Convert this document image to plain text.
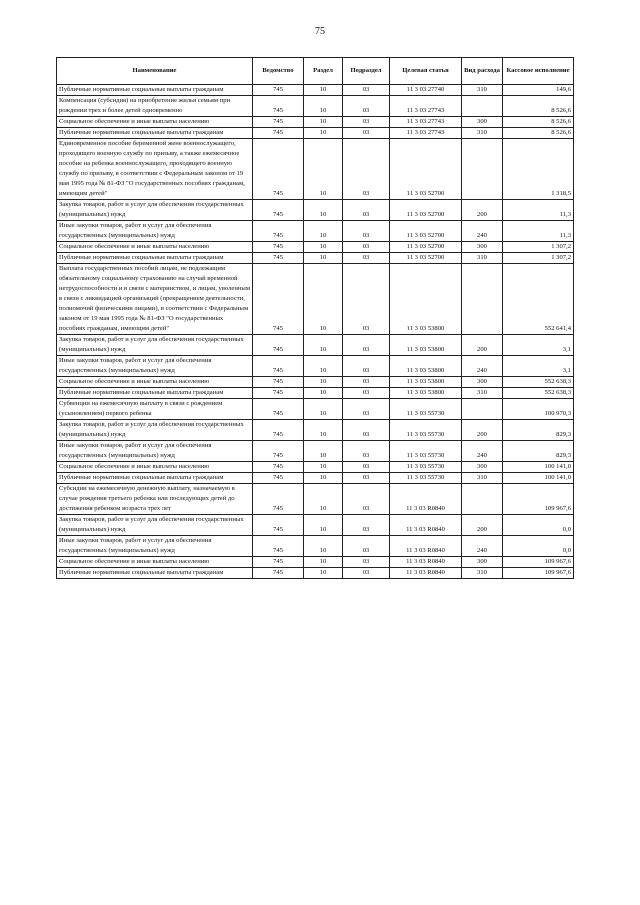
75
Наименование	Ведомство	Раздел	Подраздел	Целевая статья	Вид расхода	Кассовое исполнение
Публичные нормативные социальные выплаты гражданам	745	10	03	11 3 03 27740	310	149,6
Компенсация (субсидия) на приобретение жилья семьям при рождении трех и более детей одновременно	745	10	03	11 3 03 27743		8 526,6
Социальное обеспечение и иные выплаты населению	745	10	03	11 3 03 27743	300	8 526,6
Публичные нормативные социальные выплаты гражданам	745	10	03	11 3 03 27743	310	8 526,6
Единовременное пособие беременной жене военнослужащего, проходящего военную службу по призыву, а также ежемесячное пособие на ребенка военнослужащего, проходящего военную службу по призыву, в соответствии с Федеральным законом от 19 мая 1995 года № 81-ФЗ "О государственных пособиях гражданам, имеющим детей"	745	10	03	11 3 03 52700		1 318,5
Закупка товаров, работ и услуг для обеспечения государственных (муниципальных) нужд	745	10	03	11 3 03 52700	200	11,3
Иные закупки товаров, работ и услуг для обеспечения государственных (муниципальных) нужд	745	10	03	11 3 03 52700	240	11,3
Социальное обеспечение и иные выплаты населению	745	10	03	11 3 03 52700	300	1 307,2
Публичные нормативные социальные выплаты гражданам	745	10	03	11 3 03 52700	310	1 307,2
Выплата государственных пособий лицам, не подлежащим обязательному социальному страхованию на случай временной нетрудоспособности и в связи с материнством, и лицам, уволенным в связи с ликвидацией организаций (прекращением деятельности, полномочий физическими лицами), в соответствии с Федеральным законом от 19 мая 1995 года № 81-ФЗ "О государственных пособиях гражданам, имеющим детей"	745	10	03	11 3 03 53800		552 641,4
Закупка товаров, работ и услуг для обеспечения государственных (муниципальных) нужд	745	10	03	11 3 03 53800	200	3,1
Иные закупки товаров, работ и услуг для обеспечения государственных (муниципальных) нужд	745	10	03	11 3 03 53800	240	3,1
Социальное обеспечение и иные выплаты населению	745	10	03	11 3 03 53800	300	552 638,3
Публичные нормативные социальные выплаты гражданам	745	10	03	11 3 03 53800	310	552 638,3
Субвенции на ежемесячную выплату в связи с рождением (усыновлением) первого ребенка	745	10	03	11 3 03 55730		100 970,3
Закупка товаров, работ и услуг для обеспечения государственных (муниципальных) нужд	745	10	03	11 3 03 55730	200	829,3
Иные закупки товаров, работ и услуг для обеспечения государственных (муниципальных) нужд	745	10	03	11 3 03 55730	240	829,3
Социальное обеспечение и иные выплаты населению	745	10	03	11 3 03 55730	300	100 141,0
Публичные нормативные социальные выплаты гражданам	745	10	03	11 3 03 55730	310	100 141,0
Субсидии на ежемесячную денежную выплату, назначаемую в случае рождения третьего ребенка или последующих детей до достижения ребенком возраста трех лет	745	10	03	11 3 03 R0840		109 967,6
Закупка товаров, работ и услуг для обеспечения государственных (муниципальных) нужд	745	10	03	11 3 03 R0840	200	0,0
Иные закупки товаров, работ и услуг для обеспечения государственных (муниципальных) нужд	745	10	03	11 3 03 R0840	240	0,0
Социальное обеспечение и иные выплаты населению	745	10	03	11 3 03 R0840	300	109 967,6
Публичные нормативные социальные выплаты гражданам	745	10	03	11 3 03 R0840	310	109 967,6
